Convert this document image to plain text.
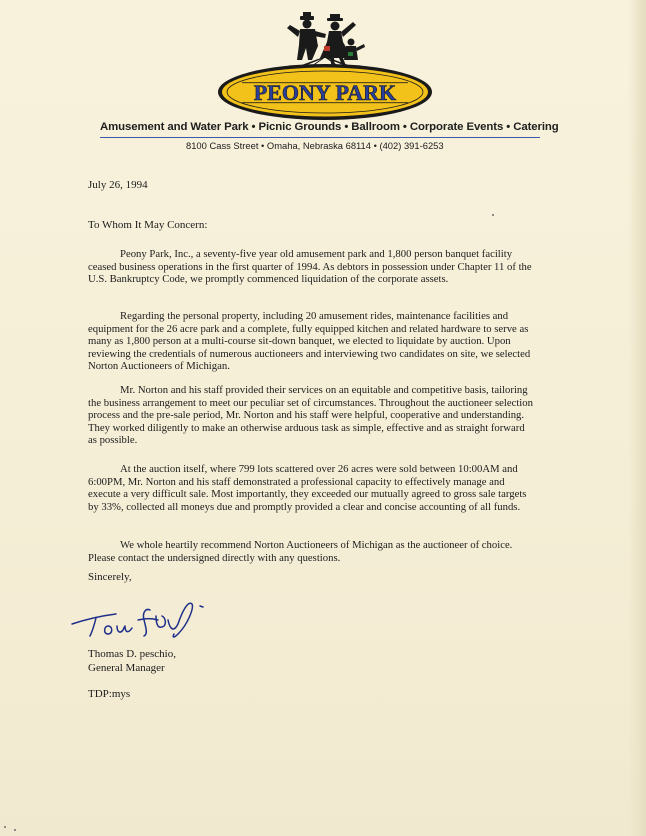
PEONY PARK
Amusement and Water Park • Picnic Grounds • Ballroom • Corporate Events • Catering
8100 Cass Street • Omaha, Nebraska 68114 • (402) 391-6253
July 26, 1994
To Whom It May Concern:

Peony Park, Inc., a seventy-five year old amusement park and 1,800 person banquet facility ceased business operations in the first quarter of 1994. As debtors in possession under Chapter 11 of the U.S. Bankruptcy Code, we promptly commenced liquidation of the corporate assets.

Regarding the personal property, including 20 amusement rides, maintenance facilities and equipment for the 26 acre park and a complete, fully equipped kitchen and related hardware to serve as many as 1,800 person at a multi-course sit-down banquet, we elected to liquidate by auction. Upon reviewing the credentials of numerous auctioneers and interviewing two candidates on site, we selected Norton Auctioneers of Michigan.

Mr. Norton and his staff provided their services on an equitable and competitive basis, tailoring the business arrangement to meet our peculiar set of circumstances. Throughout the auctioneer selection process and the pre-sale period, Mr. Norton and his staff were helpful, cooperative and understanding. They worked diligently to make an otherwise arduous task as simple, effective and as straight forward as possible.

At the auction itself, where 799 lots scattered over 26 acres were sold between 10:00AM and 6:00PM, Mr. Norton and his staff demonstrated a professional capacity to effectively manage and execute a very difficult sale. Most importantly, they exceeded our mutually agreed to gross sale targets by 33%, collected all moneys due and promptly provided a clear and concise accounting of all funds.

We whole heartily recommend Norton Auctioneers of Michigan as the auctioneer of choice. Please contact the undersigned directly with any questions.

Sincerely,
Thomas D. peschio,
General Manager
TDP:mys
